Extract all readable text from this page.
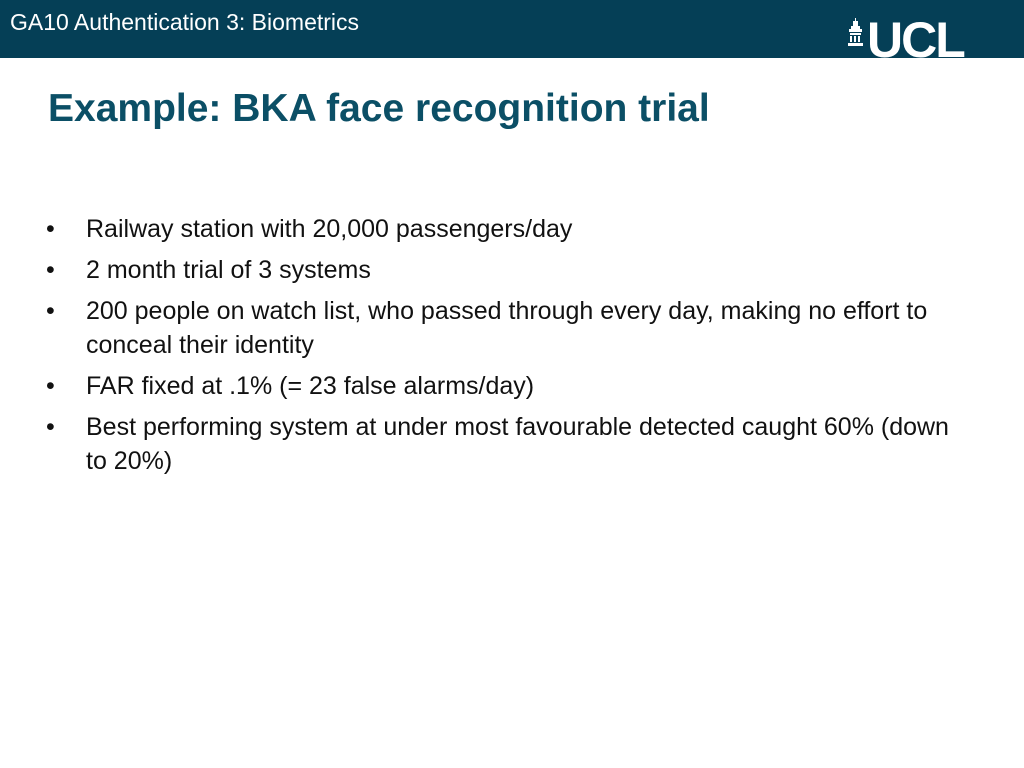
GA10 Authentication 3: Biometrics	UCL
Example: BKA face recognition trial
•	Railway station with 20,000 passengers/day
•	2 month trial of 3 systems
•	200 people on watch list, who passed through every day, making no effort to conceal their identity
•	FAR fixed at .1% (= 23 false alarms/day)
•	Best performing system at under most favourable detected caught 60% (down to 20%)
